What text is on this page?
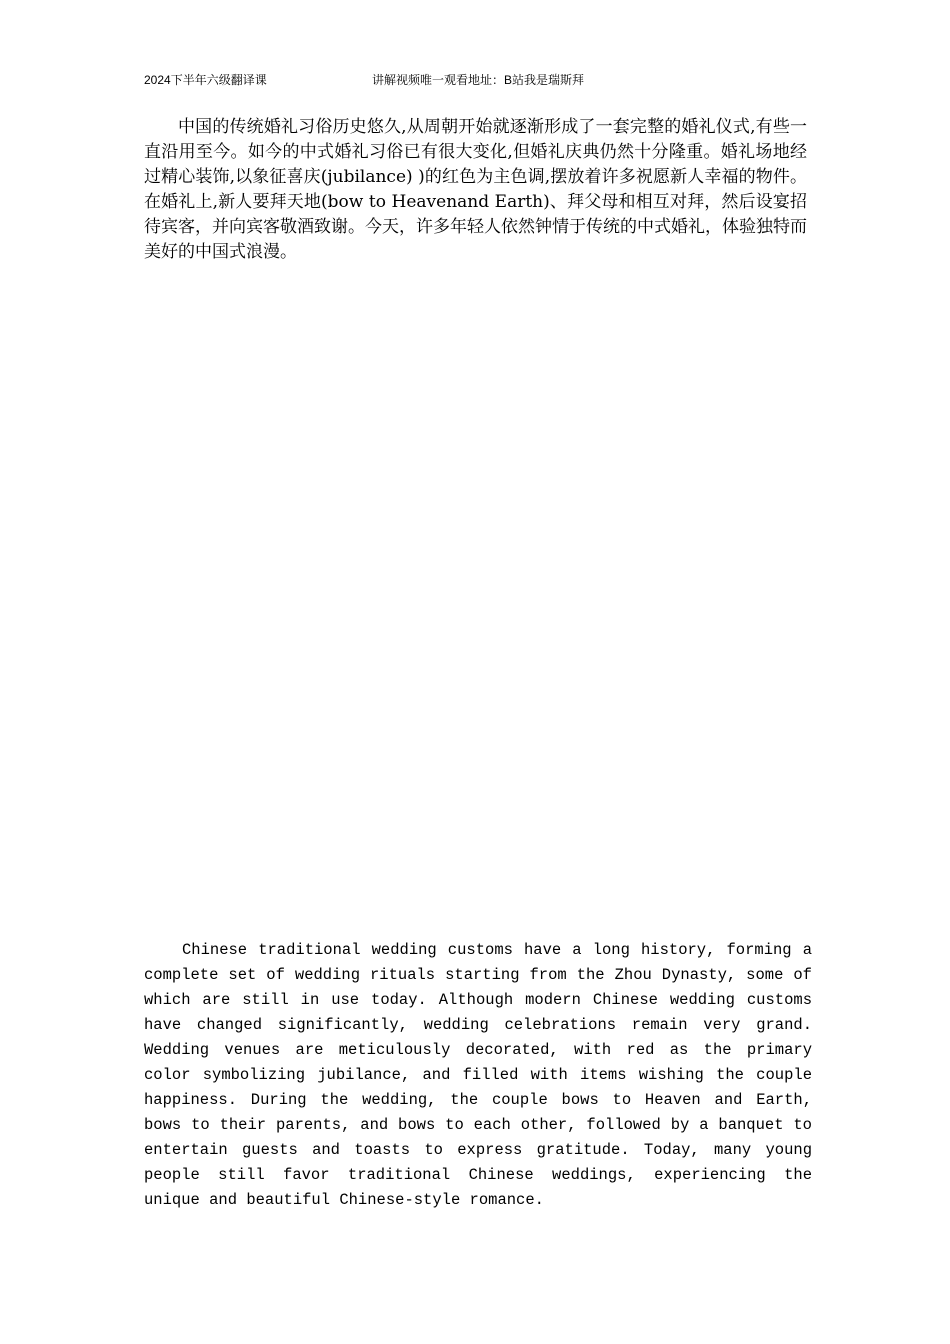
2024下半年六级翻译课	讲解视频唯一观看地址：B站我是瑞斯拜

中国的传统婚礼习俗历史悠久,从周朝开始就逐渐形成了一套完整的婚礼仪式,有些一直沿用至今。如今的中式婚礼习俗已有很大变化,但婚礼庆典仍然十分隆重。婚礼场地经过精心装饰,以象征喜庆(jubilance) )的红色为主色调,摆放着许多祝愿新人幸福的物件。在婚礼上,新人要拜天地(bow to Heavenand Earth)、拜父母和相互对拜，然后设宴招待宾客，并向宾客敬酒致谢。今天，许多年轻人依然钟情于传统的中式婚礼，体验独特而美好的中国式浪漫。

Chinese traditional wedding customs have a long history, forming a complete set of wedding rituals starting from the Zhou Dynasty, some of which are still in use today. Although modern Chinese wedding customs have changed significantly, wedding celebrations remain very grand. Wedding venues are meticulously decorated, with red as the primary color symbolizing jubilance, and filled with items wishing the couple happiness. During the wedding, the couple bows to Heaven and Earth, bows to their parents, and bows to each other, followed by a banquet to entertain guests and toasts to express gratitude. Today, many young people still favor traditional Chinese weddings, experiencing the unique and beautiful Chinese-style romance.
